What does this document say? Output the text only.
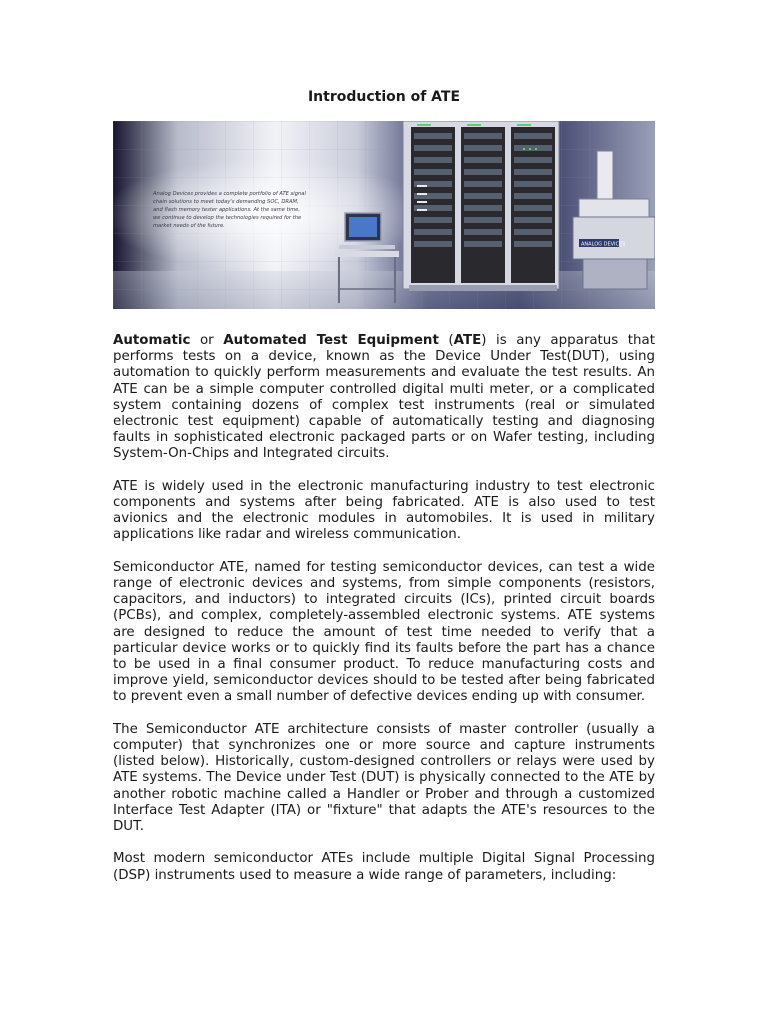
Introduction of ATE
Analog Devices provides a complete portfolio of ATE signal
chain solutions to meet today's demanding SOC, DRAM,
and flash memory tester applications. At the same time,
we continue to develop the technologies required for the
market needs of the future.
ANALOG DEVICES

Automatic or Automated Test Equipment (ATE) is any apparatus that performs tests on a device, known as the Device Under Test(DUT), using automation to quickly perform measurements and evaluate the test results. An ATE can be a simple computer controlled digital multi meter, or a complicated system containing dozens of complex test instruments (real or simulated electronic test equipment) capable of automatically testing and diagnosing faults in sophisticated electronic packaged parts or on Wafer testing, including System-On-Chips and Integrated circuits.

ATE is widely used in the electronic manufacturing industry to test electronic components and systems after being fabricated. ATE is also used to test avionics and the electronic modules in automobiles. It is used in military applications like radar and wireless communication.

Semiconductor ATE, named for testing semiconductor devices, can test a wide range of electronic devices and systems, from simple components (resistors, capacitors, and inductors) to integrated circuits (ICs), printed circuit boards (PCBs), and complex, completely-assembled electronic systems. ATE systems are designed to reduce the amount of test time needed to verify that a particular device works or to quickly find its faults before the part has a chance to be used in a final consumer product. To reduce manufacturing costs and improve yield, semiconductor devices should to be tested after being fabricated to prevent even a small number of defective devices ending up with consumer.

The Semiconductor ATE architecture consists of master controller (usually a computer) that synchronizes one or more source and capture instruments (listed below). Historically, custom-designed controllers or relays were used by ATE systems. The Device under Test (DUT) is physically connected to the ATE by another robotic machine called a Handler or Prober and through a customized Interface Test Adapter (ITA) or "fixture" that adapts the ATE's resources to the DUT.

Most modern semiconductor ATEs include multiple Digital Signal Processing (DSP) instruments used to measure a wide range of parameters, including:
